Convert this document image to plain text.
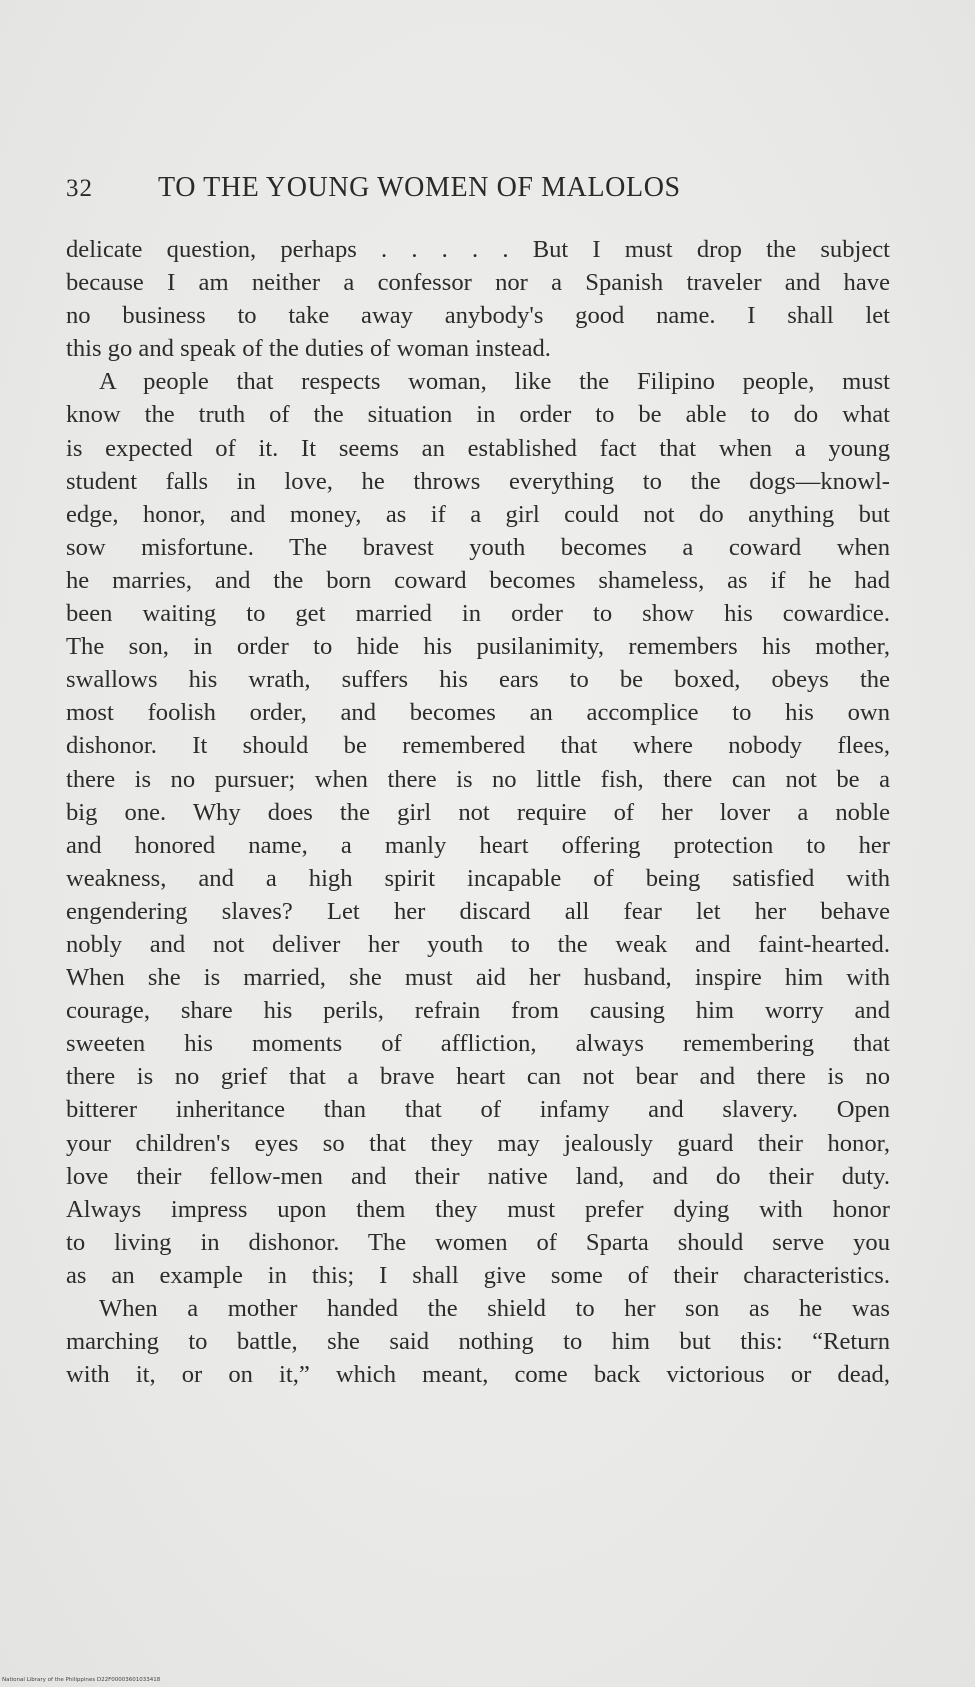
32	TO THE YOUNG WOMEN OF MALOLOS
delicate question, perhaps . . . . . But I must drop the subject
because I am neither a confessor nor a Spanish traveler and have
no business to take away anybody's good name. I shall let
this go and speak of the duties of woman instead.
A people that respects woman, like the Filipino people, must
know the truth of the situation in order to be able to do what
is expected of it. It seems an established fact that when a young
student falls in love, he throws everything to the dogs—knowl-
edge, honor, and money, as if a girl could not do anything but
sow misfortune. The bravest youth becomes a coward when
he marries, and the born coward becomes shameless, as if he had
been waiting to get married in order to show his cowardice.
The son, in order to hide his pusilanimity, remembers his mother,
swallows his wrath, suffers his ears to be boxed, obeys the
most foolish order, and becomes an accomplice to his own
dishonor. It should be remembered that where nobody flees,
there is no pursuer; when there is no little fish, there can not be a
big one. Why does the girl not require of her lover a noble
and honored name, a manly heart offering protection to her
weakness, and a high spirit incapable of being satisfied with
engendering slaves? Let her discard all fear let her behave
nobly and not deliver her youth to the weak and faint-hearted.
When she is married, she must aid her husband, inspire him with
courage, share his perils, refrain from causing him worry and
sweeten his moments of affliction, always remembering that
there is no grief that a brave heart can not bear and there is no
bitterer inheritance than that of infamy and slavery. Open
your children's eyes so that they may jealously guard their honor,
love their fellow-men and their native land, and do their duty.
Always impress upon them they must prefer dying with honor
to living in dishonor. The women of Sparta should serve you
as an example in this; I shall give some of their characteristics.
When a mother handed the shield to her son as he was
marching to battle, she said nothing to him but this: “Return
with it, or on it,” which meant, come back victorious or dead,
National Library of the Philippines D22F00003601033418
